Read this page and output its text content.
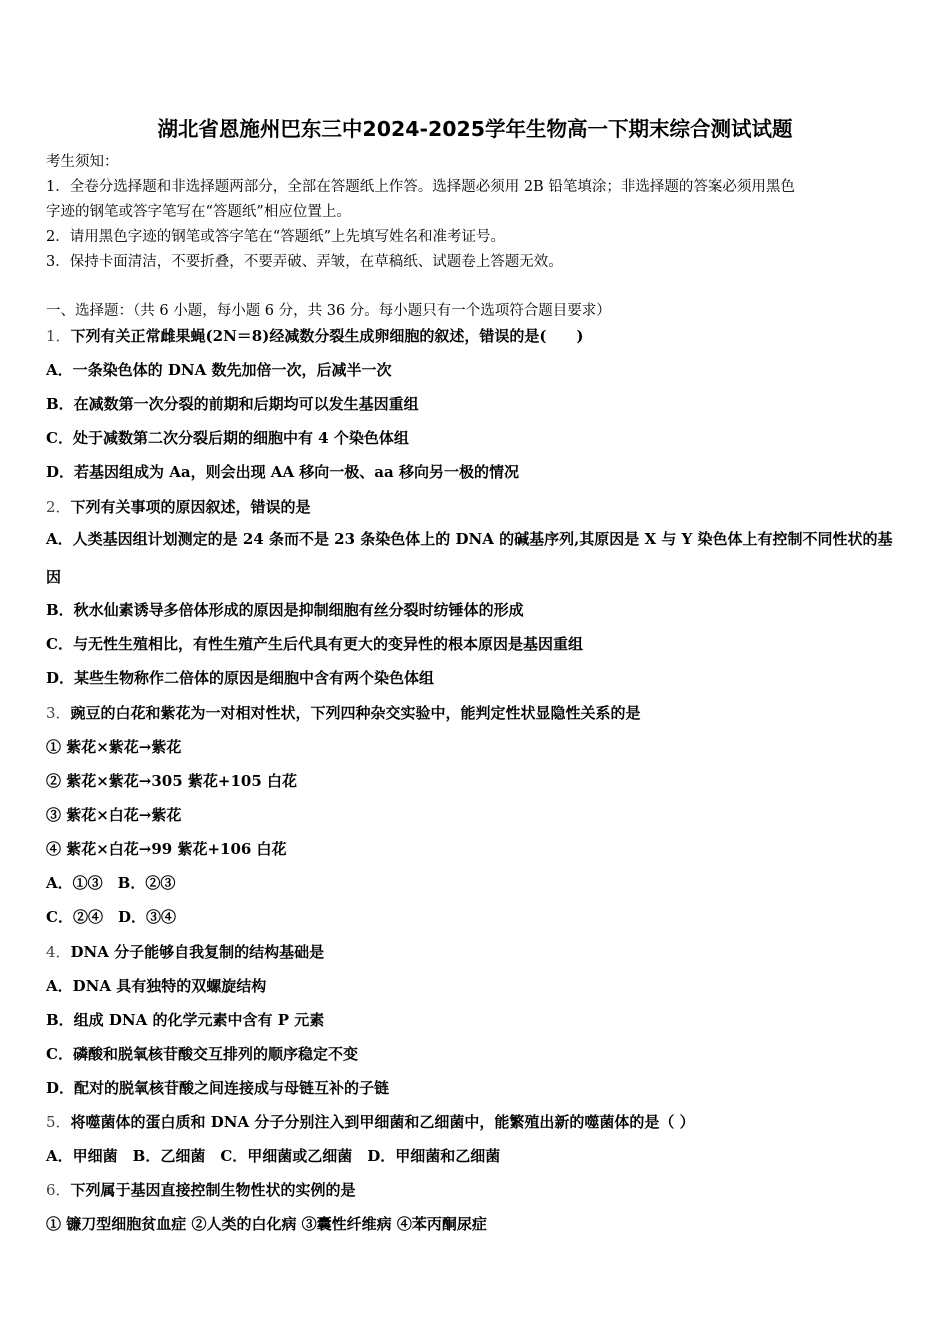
湖北省恩施州巴东三中2024-2025学年生物高一下期末综合测试试题
考生须知：
1．全卷分选择题和非选择题两部分，全部在答题纸上作答。选择题必须用 2B 铅笔填涂；非选择题的答案必须用黑色
字迹的钢笔或答字笔写在“答题纸”相应位置上。
2．请用黑色字迹的钢笔或答字笔在“答题纸”上先填写姓名和准考证号。
3．保持卡面清洁，不要折叠，不要弄破、弄皱，在草稿纸、试题卷上答题无效。
一、选择题：（共 6 小题，每小题 6 分，共 36 分。每小题只有一个选项符合题目要求）
1．下列有关正常雌果蝇(2N＝8)经减数分裂生成卵细胞的叙述，错误的是(　　)
A．一条染色体的 DNA 数先加倍一次，后减半一次
B．在减数第一次分裂的前期和后期均可以发生基因重组
C．处于减数第二次分裂后期的细胞中有 4 个染色体组
D．若基因组成为 Aa，则会出现 AA 移向一极、aa 移向另一极的情况
2．下列有关事项的原因叙述，错误的是
A．人类基因组计划测定的是 24 条而不是 23 条染色体上的 DNA 的碱基序列,其原因是 X 与 Y 染色体上有控制不同性状的基因
B．秋水仙素诱导多倍体形成的原因是抑制细胞有丝分裂时纺锤体的形成
C．与无性生殖相比，有性生殖产生后代具有更大的变异性的根本原因是基因重组
D．某些生物称作二倍体的原因是细胞中含有两个染色体组
3．豌豆的白花和紫花为一对相对性状，下列四种杂交实验中，能判定性状显隐性关系的是
① 紫花×紫花→紫花
② 紫花×紫花→305 紫花+105 白花
③ 紫花×白花→紫花
④ 紫花×白花→99 紫花+106 白花
A．①③　B．②③
C．②④　D．③④
4．DNA 分子能够自我复制的结构基础是
A．DNA 具有独特的双螺旋结构
B．组成 DNA 的化学元素中含有 P 元素
C．磷酸和脱氧核苷酸交互排列的顺序稳定不变
D．配对的脱氧核苷酸之间连接成与母链互补的子链
5．将噬菌体的蛋白质和 DNA 分子分别注入到甲细菌和乙细菌中，能繁殖出新的噬菌体的是（ ）
A．甲细菌　B．乙细菌　C．甲细菌或乙细菌　D．甲细菌和乙细菌
6．下列属于基因直接控制生物性状的实例的是
① 镰刀型细胞贫血症 ②人类的白化病 ③囊性纤维病 ④苯丙酮尿症
